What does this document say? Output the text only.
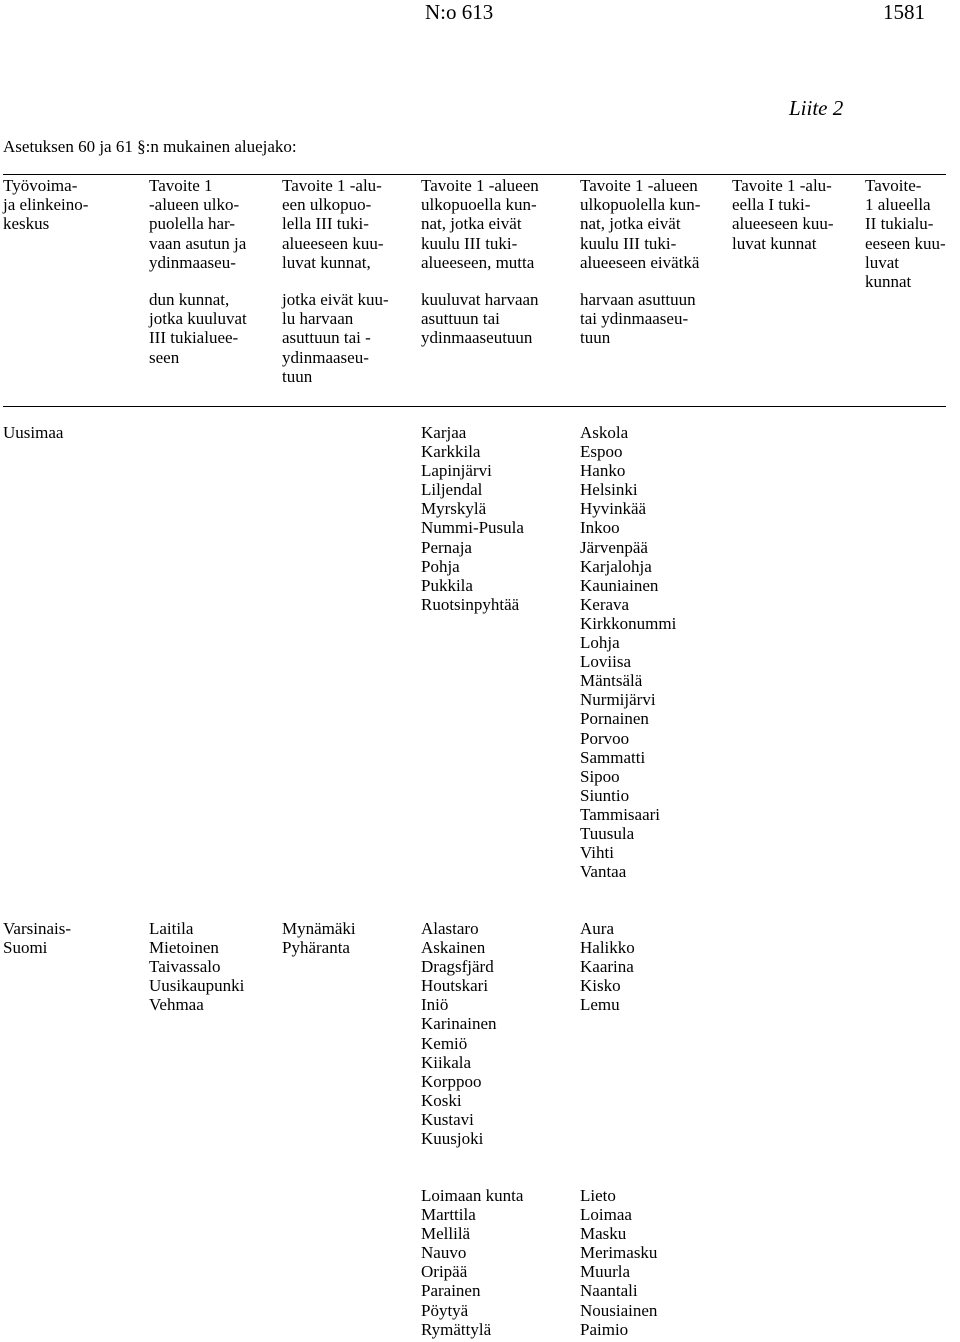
N:o 613	1581
Liite 2
Asetuksen 60 ja 61 §:n mukainen aluejako:
Työvoima-
ja elinkeino-
keskus
Tavoite 1
-alueen ulko-
puolella har-
vaan asutun ja
ydinmaaseu-
dun kunnat,
jotka kuuluvat
III tukialuee-
seen
Tavoite 1 -alu-
een ulkopuo-
lella III tuki-
alueeseen kuu-
luvat kunnat,
jotka eivät kuu-
lu harvaan
asuttuun tai -
ydinmaaseu-
tuun
Tavoite 1 -alueen
ulkopuoella kun-
nat, jotka eivät
kuulu III tuki-
alueeseen, mutta
kuuluvat harvaan
asuttuun tai
ydinmaaseutuun
Tavoite 1 -alueen
ulkopuolella kun-
nat, jotka eivät
kuulu III tuki-
alueeseen eivätkä
harvaan asuttuun
tai ydinmaaseu-
tuun
Tavoite 1 -alu-
eella I tuki-
alueeseen kuu-
luvat kunnat
Tavoite-
1 alueella
II tukialu-
eeseen kuu-
luvat
kunnat
Uusimaa	Karjaa
Karkkila
Lapinjärvi
Liljendal
Myrskylä
Nummi-Pusula
Pernaja
Pohja
Pukkila
Ruotsinpyhtää
Askola
Espoo
Hanko
Helsinki
Hyvinkää
Inkoo
Järvenpää
Karjalohja
Kauniainen
Kerava
Kirkkonummi
Lohja
Loviisa
Mäntsälä
Nurmijärvi
Pornainen
Porvoo
Sammatti
Sipoo
Siuntio
Tammisaari
Tuusula
Vihti
Vantaa
Varsinais-
Suomi
Laitila
Mietoinen
Taivassalo
Uusikaupunki
Vehmaa
Mynämäki
Pyhäranta
Alastaro
Askainen
Dragsfjärd
Houtskari
Iniö
Karinainen
Kemiö
Kiikala
Korppoo
Koski
Kustavi
Kuusjoki
Aura
Halikko
Kaarina
Kisko
Lemu
Loimaan kunta
Marttila
Mellilä
Nauvo
Oripää
Parainen
Pöytyä
Rymättylä
Lieto
Loimaa
Masku
Merimasku
Muurla
Naantali
Nousiainen
Paimio
